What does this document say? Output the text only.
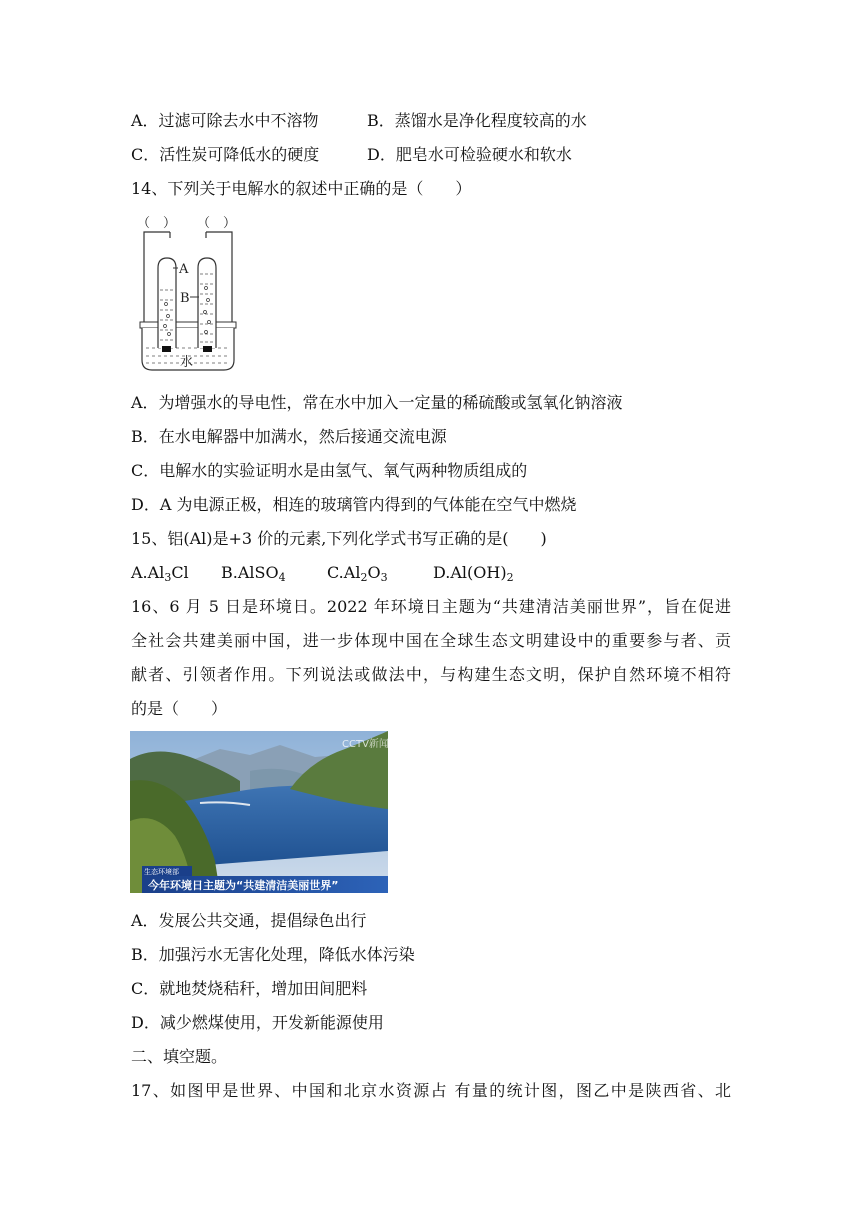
A．过滤可除去水中不溶物	B．蒸馏水是净化程度较高的水
C．活性炭可降低水的硬度	D．肥皂水可检验硬水和软水
14、下列关于电解水的叙述中正确的是（　　）
（　） （　）
A
B
水
A．为增强水的导电性，常在水中加入一定量的稀硫酸或氢氧化钠溶液
B．在水电解器中加满水，然后接通交流电源
C．电解水的实验证明水是由氢气、氧气两种物质组成的
D．A 为电源正极，相连的玻璃管内得到的气体能在空气中燃烧
15、铝(Al)是+3 价的元素,下列化学式书写正确的是(　　)
$A.Al_3Cl$ B.AlSO$_4$	$C.Al_2O_3$	$D.Al(OH)_2$
16、6 月 5 日是环境日。2022 年环境日主题为“共建清洁美丽世界”，旨在促进
全社会共建美丽中国，进一步体现中国在全球生态文明建设中的重要参与者、贡
献者、引领者作用。下列说法或做法中，与构建生态文明，保护自然环境不相符
的是（　　）
CCTV新闻
生态环境部
今年环境日主题为“共建清洁美丽世界”
A．发展公共交通，提倡绿色出行
B．加强污水无害化处理，降低水体污染
C．就地焚烧秸秆，增加田间肥料
D．减少燃煤使用，开发新能源使用
二、填空题。
17、如图甲是世界、中国和北京水资源占 有量的统计图，图乙中是陕西省、北
